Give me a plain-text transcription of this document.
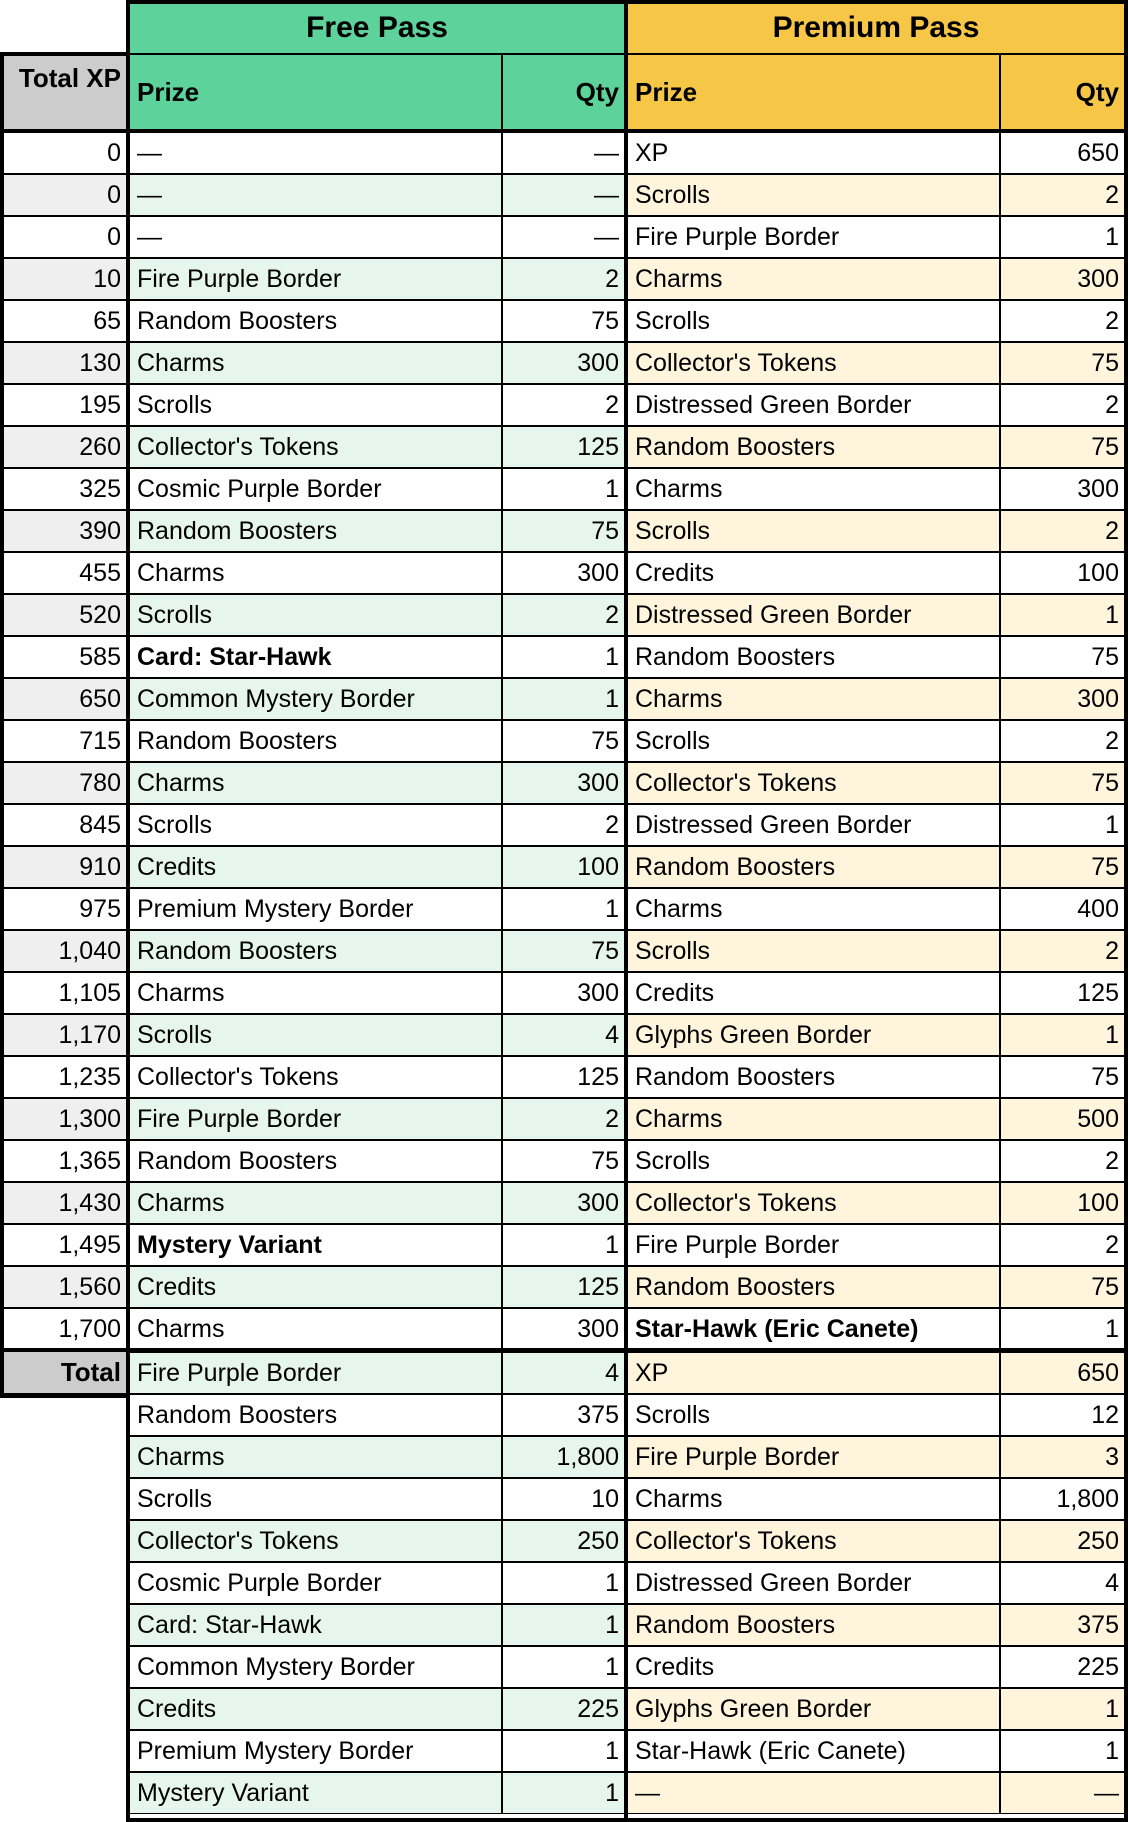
Free Pass	Premium Pass
Total XP Prize	Qty Prize	Qty
0 —	— XP	650
0 —	— Scrolls	2
0 —	— Fire Purple Border	1
10 Fire Purple Border	2 Charms	300
65 Random Boosters	75 Scrolls	2
130 Charms	300 Collector's Tokens	75
195 Scrolls	2 Distressed Green Border	2
260 Collector's Tokens	125 Random Boosters	75
325 Cosmic Purple Border	1 Charms	300
390 Random Boosters	75 Scrolls	2
455 Charms	300 Credits	100
520 Scrolls	2 Distressed Green Border	1
585 Card: Star-Hawk	1 Random Boosters	75
650 Common Mystery Border	1 Charms	300
715 Random Boosters	75 Scrolls	2
780 Charms	300 Collector's Tokens	75
845 Scrolls	2 Distressed Green Border	1
910 Credits	100 Random Boosters	75
975 Premium Mystery Border	1 Charms	400
1,040 Random Boosters	75 Scrolls	2
1,105 Charms	300 Credits	125
1,170 Scrolls	4 Glyphs Green Border	1
1,235 Collector's Tokens	125 Random Boosters	75
1,300 Fire Purple Border	2 Charms	500
1,365 Random Boosters	75 Scrolls	2
1,430 Charms	300 Collector's Tokens	100
1,495 Mystery Variant	1 Fire Purple Border	2
1,560 Credits	125 Random Boosters	75
1,700 Charms	300 Star-Hawk (Eric Canete)	1
Total Fire Purple Border	4 XP	650
Random Boosters	375 Scrolls	12
Charms	1,800 Fire Purple Border	3
Scrolls	10 Charms	1,800
Collector's Tokens	250 Collector's Tokens	250
Cosmic Purple Border	1 Distressed Green Border	4
Card: Star-Hawk	1 Random Boosters	375
Common Mystery Border	1 Credits	225
Credits	225 Glyphs Green Border	1
Premium Mystery Border	1 Star-Hawk (Eric Canete)	1
Mystery Variant	1 —	—
